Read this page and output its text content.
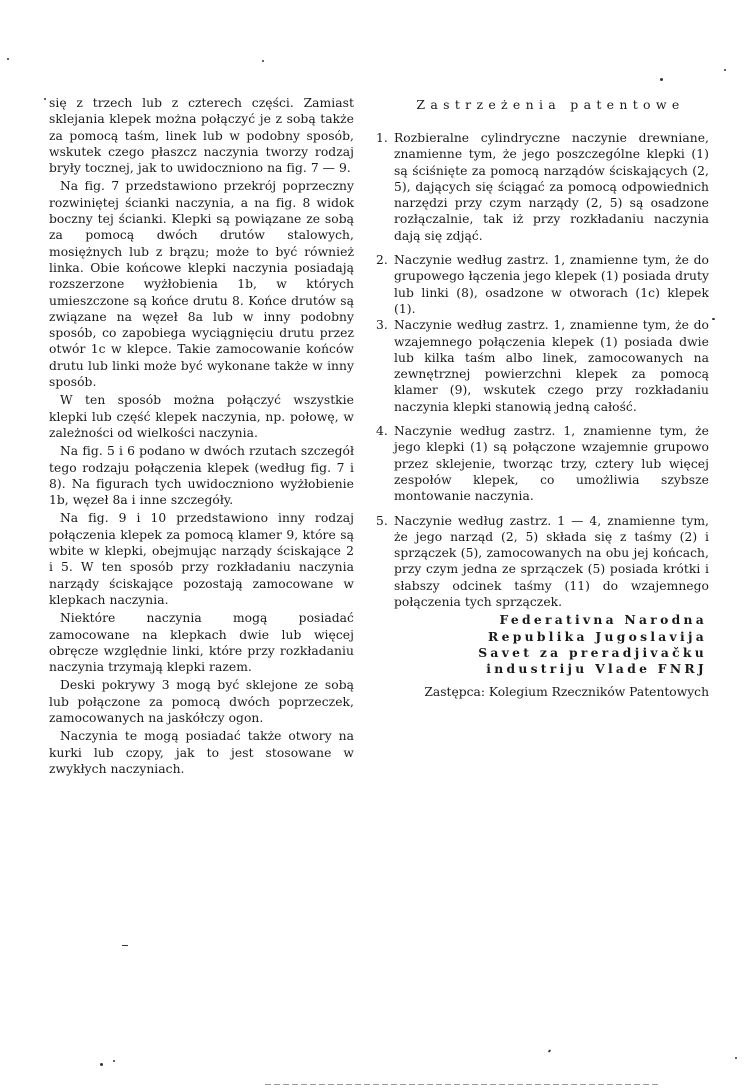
się z trzech lub z czterech części. Zamiast sklejania klepek można połączyć je z sobą także za pomocą taśm, linek lub w podobny sposób, wskutek czego płaszcz naczynia tworzy rodzaj bryły tocznej, jak to uwidoczniono na fig. 7 — 9.

Na fig. 7 przedstawiono przekrój poprzeczny rozwiniętej ścianki naczynia, a na fig. 8 widok boczny tej ścianki. Klepki są powiązane ze sobą za pomocą dwóch drutów stalowych, mosiężnych lub z brązu; może to być również linka. Obie końcowe klepki naczynia posiadają rozszerzone wyżłobienia 1b, w których umieszczone są końce drutu 8. Końce drutów są związane na węzeł 8a lub w inny podobny sposób, co zapobiega wyciągnięciu drutu przez otwór 1c w klepce. Takie zamocowanie końców drutu lub linki może być wykonane także w inny sposób.

W ten sposób można połączyć wszystkie klepki lub część klepek naczynia, np. połowę, w zależności od wielkości naczynia.

Na fig. 5 i 6 podano w dwóch rzutach szczegół tego rodzaju połączenia klepek (według fig. 7 i 8). Na figurach tych uwidoczniono wyżłobienie 1b, węzeł 8a i inne szczegóły.

Na fig. 9 i 10 przedstawiono inny rodzaj połączenia klepek za pomocą klamer 9, które są wbite w klepki, obejmując narządy ściskające 2 i 5. W ten sposób przy rozkładaniu naczynia narządy ściskające pozostają zamocowane w klepkach naczynia.

Niektóre naczynia mogą posiadać zamocowane na klepkach dwie lub więcej obręcze względnie linki, które przy rozkładaniu naczynia trzymają klepki razem.

Deski pokrywy 3 mogą być sklejone ze sobą lub połączone za pomocą dwóch poprzeczek, zamocowanych na jaskółczy ogon.

Naczynia te mogą posiadać także otwory na kurki lub czopy, jak to jest stosowane w zwykłych naczyniach.

Zastrzeżenia patentowe
1. Rozbieralne cylindryczne naczynie drewniane, znamienne tym, że jego poszczególne klepki (1) są ściśnięte za pomocą narządów ściskających (2, 5), dających się ściągać za pomocą odpowiednich narzędzi przy czym narządy (2, 5) są osadzone rozłączalnie, tak iż przy rozkładaniu naczynia dają się zdjąć.

2. Naczynie według zastrz. 1, znamienne tym, że do grupowego łączenia jego klepek (1) posiada druty lub linki (8), osadzone w otworach (1c) klepek (1).

3. Naczynie według zastrz. 1, znamienne tym, że do wzajemnego połączenia klepek (1) posiada dwie lub kilka taśm albo linek, zamocowanych na zewnętrznej powierzchni klepek za pomocą klamer (9), wskutek czego przy rozkładaniu naczynia klepki stanowią jedną całość.

4. Naczynie według zastrz. 1, znamienne tym, że jego klepki (1) są połączone wzajemnie grupowo przez sklejenie, tworząc trzy, cztery lub więcej zespołów klepek, co umożliwia szybsze montowanie naczynia.

5. Naczynie według zastrz. 1 — 4, znamienne tym, że jego narząd (2, 5) składa się z taśmy (2) i sprzączek (5), zamocowanych na obu jej końcach, przy czym jedna ze sprzączek (5) posiada krótki i słabszy odcinek taśmy (11) do wzajemnego połączenia tych sprzączek.

Federativna Narodna
Republika Jugoslavija
Savet za preradjivačku
industriju Vlade FNRJ
Zastępca: Kolegium Rzeczników Patentowych
